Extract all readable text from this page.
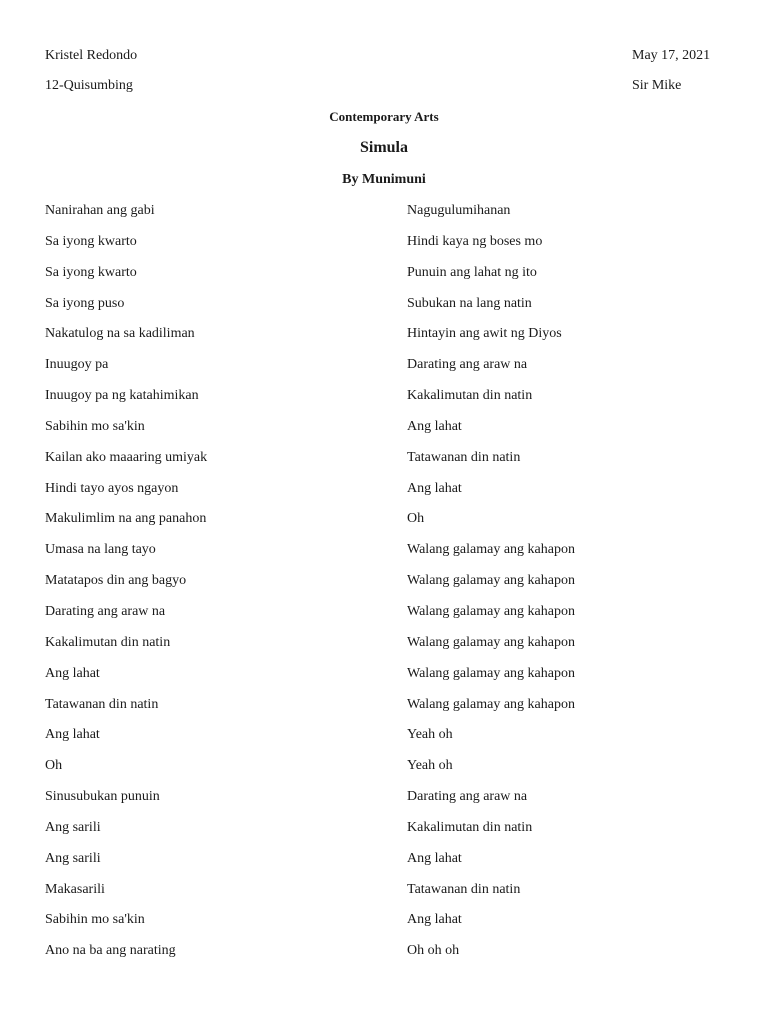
Kristel Redondo
12-Quisumbing
May 17, 2021
Sir Mike
Contemporary Arts
Simula
By Munimuni
Nanirahan ang gabi
Sa iyong kwarto
Sa iyong kwarto
Sa iyong puso
Nakatulog na sa kadiliman
Inuugoy pa
Inuugoy pa ng katahimikan
Sabihin mo sa'kin
Kailan ako maaaring umiyak
Hindi tayo ayos ngayon
Makulimlim na ang panahon
Umasa na lang tayo
Matatapos din ang bagyo
Darating ang araw na
Kakalimutan din natin
Ang lahat
Tatawanan din natin
Ang lahat
Oh
Sinusubukan punuin
Ang sarili
Ang sarili
Makasarili
Sabihin mo sa'kin
Ano na ba ang narating
Nagugulumihanan
Hindi kaya ng boses mo
Punuin ang lahat ng ito
Subukan na lang natin
Hintayin ang awit ng Diyos
Darating ang araw na
Kakalimutan din natin
Ang lahat
Tatawanan din natin
Ang lahat
Oh
Walang galamay ang kahapon
Walang galamay ang kahapon
Walang galamay ang kahapon
Walang galamay ang kahapon
Walang galamay ang kahapon
Walang galamay ang kahapon
Yeah oh
Yeah oh
Darating ang araw na
Kakalimutan din natin
Ang lahat
Tatawanan din natin
Ang lahat
Oh oh oh
